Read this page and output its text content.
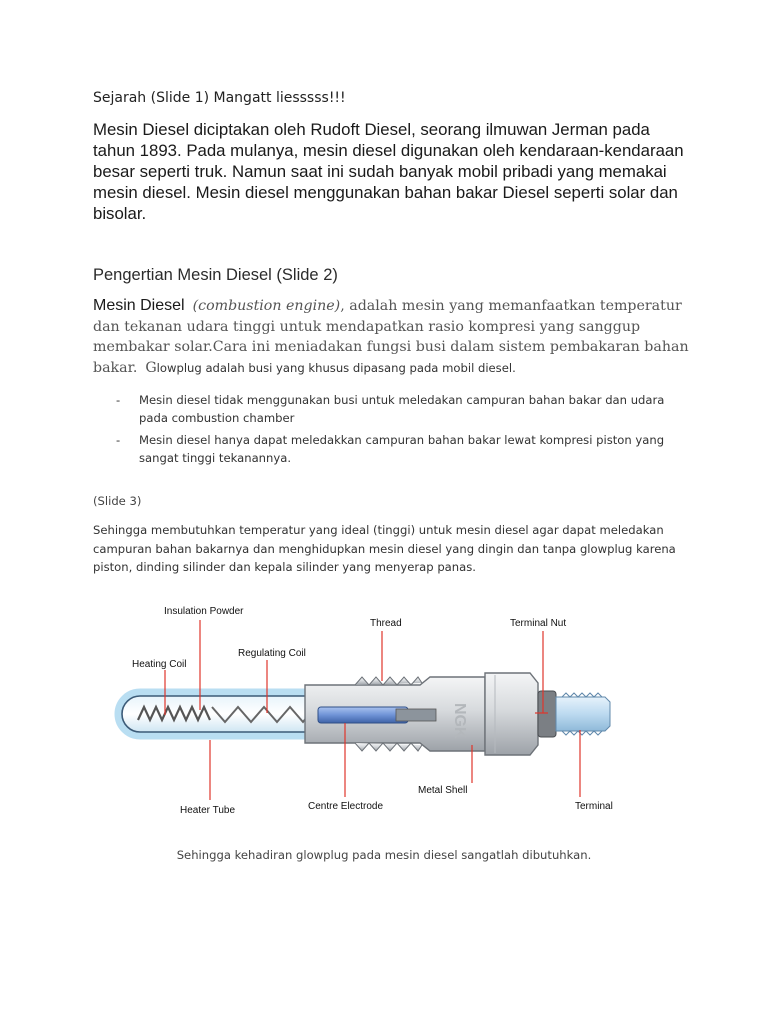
Sejarah (Slide 1) Mangatt liesssss!!!
Mesin Diesel diciptakan oleh Rudoft Diesel, seorang ilmuwan Jerman pada tahun 1893. Pada mulanya, mesin diesel digunakan oleh kendaraan-kendaraan besar seperti truk. Namun saat ini sudah banyak mobil pribadi yang memakai mesin diesel. Mesin diesel menggunakan bahan bakar Diesel seperti solar dan bisolar.
Pengertian Mesin Diesel (Slide 2)
Mesin Diesel (combustion engine), adalah mesin yang memanfaatkan temperatur dan tekanan udara tinggi untuk mendapatkan rasio kompresi yang sanggup membakar solar.Cara ini meniadakan fungsi busi dalam sistem pembakaran bahan bakar. Glowplug adalah busi yang khusus dipasang pada mobil diesel.
-	Mesin diesel tidak menggunakan busi untuk meledakan campuran bahan bakar dan udara pada combustion chamber
-	Mesin diesel hanya dapat meledakkan campuran bahan bakar lewat kompresi piston yang sangat tinggi tekanannya.
(Slide 3)
Sehingga membutuhkan temperatur yang ideal (tinggi) untuk mesin diesel agar dapat meledakan campuran bahan bakarnya dan menghidupkan mesin diesel yang dingin dan tanpa glowplug karena piston, dinding silinder dan kepala silinder yang menyerap panas.
NGK
Insulation Powder
Heating Coil
Regulating Coil
Thread	Terminal Nut
Heater Tube	Centre Electrode
Metal Shell
Terminal
Sehingga kehadiran glowplug pada mesin diesel sangatlah dibutuhkan.
